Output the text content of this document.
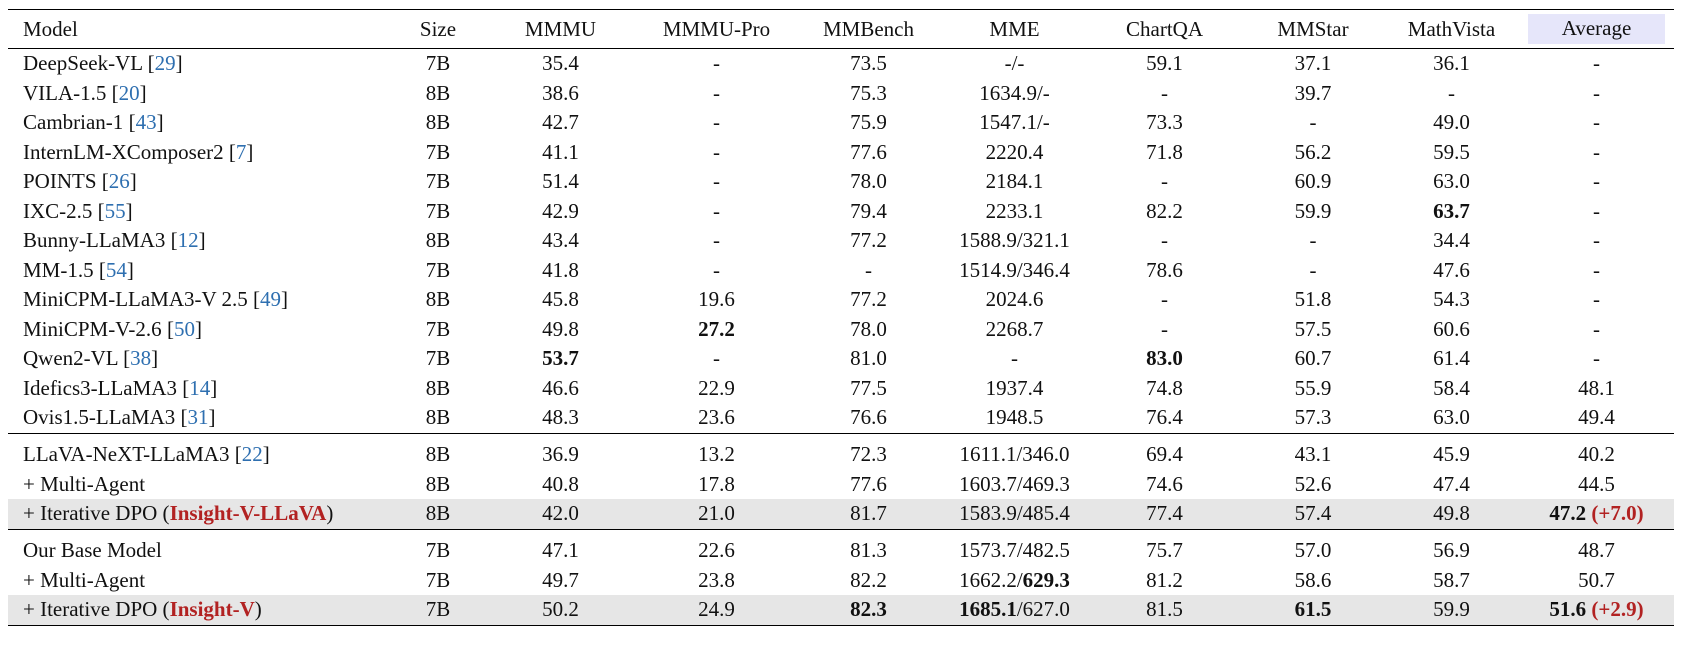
Model	Size	MMMU	MMMU-Pro	MMBench	MME	ChartQA	MMStar	MathVista	Average
DeepSeek-VL [29]	7B	35.4	-	73.5	-/-	59.1	37.1	36.1	-
VILA-1.5 [20]	8B	38.6	-	75.3	1634.9/-	-	39.7	-	-
Cambrian-1 [43]	8B	42.7	-	75.9	1547.1/-	73.3	-	49.0	-
InternLM-XComposer2 [7]	7B	41.1	-	77.6	2220.4	71.8	56.2	59.5	-
POINTS [26]	7B	51.4	-	78.0	2184.1	-	60.9	63.0	-
IXC-2.5 [55]	7B	42.9	-	79.4	2233.1	82.2	59.9	63.7	-
Bunny-LLaMA3 [12]	8B	43.4	-	77.2	1588.9/321.1	-	-	34.4	-
MM-1.5 [54]	7B	41.8	-	-	1514.9/346.4	78.6	-	47.6	-
MiniCPM-LLaMA3-V 2.5 [49]	8B	45.8	19.6	77.2	2024.6	-	51.8	54.3	-
MiniCPM-V-2.6 [50]	7B	49.8	27.2	78.0	2268.7	-	57.5	60.6	-
Qwen2-VL [38]	7B	53.7	-	81.0	-	83.0	60.7	61.4	-
Idefics3-LLaMA3 [14]	8B	46.6	22.9	77.5	1937.4	74.8	55.9	58.4	48.1
Ovis1.5-LLaMA3 [31]	8B	48.3	23.6	76.6	1948.5	76.4	57.3	63.0	49.4
LLaVA-NeXT-LLaMA3 [22]	8B	36.9	13.2	72.3	1611.1/346.0	69.4	43.1	45.9	40.2
+ Multi-Agent	8B	40.8	17.8	77.6	1603.7/469.3	74.6	52.6	47.4	44.5
+ Iterative DPO (Insight-V-LLaVA)	8B	42.0	21.0	81.7	1583.9/485.4	77.4	57.4	49.8	47.2 (+7.0)
Our Base Model	7B	47.1	22.6	81.3	1573.7/482.5	75.7	57.0	56.9	48.7
+ Multi-Agent	7B	49.7	23.8	82.2	1662.2/629.3	81.2	58.6	58.7	50.7
+ Iterative DPO (Insight-V)	7B	50.2	24.9	82.3	1685.1/627.0	81.5	61.5	59.9	51.6 (+2.9)
